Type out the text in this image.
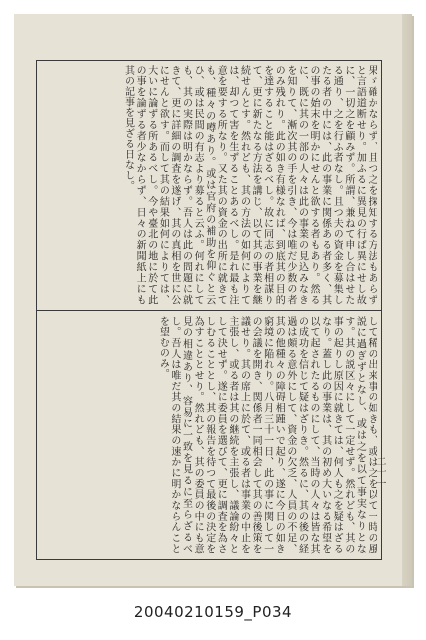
果ゞ確かならず、且つ之を探知する方法もあらずと言語道断せり。加ふるに異見の行ぱ異にせし故に、一切之を顧みず。所謂、兼ねて申し合はせたる通り、之を行ふ者なし。且つ夫の資金を募集したる者の中には、此の事業に関係ある者多く、其の事の始末を明かにせんと欲する者もあり。然るに、既に其の一部の人々は此の事業の見込みなきを知りて、漸次其の手を引き、今は唯だ少数の者のみ残れり。此の如き有様なれば、到底其の目的を達すること能はざるべし。故に同志の者相謀りて、更に新たなる方法を講じ、以て其の事業を継続せんとす。然れども、其の方法の如何によりては、却つて害を生ずることあるべし。是れ最も注意を要する所なり。又た其の資金の出所に就きても、種々の噂あり。或は官府の補助を仰ぐと云ひ、或は民間の有志より募ると云ふ。何れにしても、其の実際は明かならず。吾人は此の問題に就きて、更に詳細の調査を遂げ、其の真相を世に公にせんと欲す。而して其の結果如何によりては、大いに論ずる所あるべし。今や臺北の地に於て此の事を論ずる者少なからず、日々の新聞紙上にも其の記事を見ざる日なし。
して稀の出来事の如きも、或は之を以て一時の風説に過ぎずとなし、或は之を以て事実なりとなす。其の説区々にして一定せず。然れども、其の事の起りし原因に就きては、何人も之を疑はざるなり。蓋し此の事業は、其の初め大いなる希望を以て起されたるものにして、当時の人々は皆な其の成功を信じて疑はざりき。然るに、其の後の経過は頗る意外にして、資金の欠乏、人員の不足、其の他種々の障碍相踵いで起り、遂に今日の如き窮境に陥れり。八月三十一日、此の事に関して一の会議を開き、関係者一同相会して其の善後策を議せり。其の席上に於て、或る者は事業の中止を主張し、或る者は其の継続を主張し、議論紛々として決せず。遂に委員を選びて、更に調査を為さしむることとし、其の報告を待つて最後の決定を為すこととせり。然れども、其の委員の中にも意見の相違あり、容易に一致を見るに至らざるべし。吾人は唯だ其の結果の速かに明かならんことを望むのみ。
二十一
20040210159_P034
